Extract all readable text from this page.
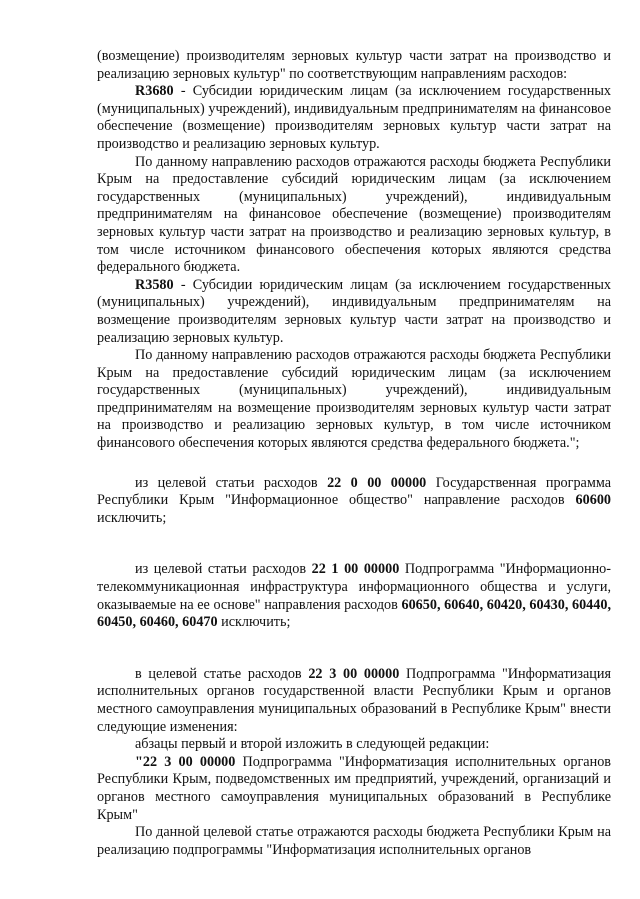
(возмещение) производителям зерновых культур части затрат на производство и реализацию зерновых культур" по соответствующим направлениям расходов:

R3680 - Субсидии юридическим лицам (за исключением государственных (муниципальных) учреждений), индивидуальным предпринимателям на финансовое обеспечение (возмещение) производителям зерновых культур части затрат на производство и реализацию зерновых культур.

По данному направлению расходов отражаются расходы бюджета Республики Крым на предоставление субсидий юридическим лицам (за исключением государственных (муниципальных) учреждений), индивидуальным предпринимателям на финансовое обеспечение (возмещение) производителям зерновых культур части затрат на производство и реализацию зерновых культур, в том числе источником финансового обеспечения которых являются средства федерального бюджета.

R3580 - Субсидии юридическим лицам (за исключением государственных (муниципальных) учреждений), индивидуальным предпринимателям на возмещение производителям зерновых культур части затрат на производство и реализацию зерновых культур.

По данному направлению расходов отражаются расходы бюджета Республики Крым на предоставление субсидий юридическим лицам (за исключением государственных (муниципальных) учреждений), индивидуальным предпринимателям на возмещение производителям зерновых культур части затрат на производство и реализацию зерновых культур, в том числе источником финансового обеспечения которых являются средства федерального бюджета.";

из целевой статьи расходов 22 0 00 00000 Государственная программа Республики Крым "Информационное общество" направление расходов 60600 исключить;

из целевой статьи расходов 22 1 00 00000 Подпрограмма "Информационно-телекоммуникационная инфраструктура информационного общества и услуги, оказываемые на ее основе" направления расходов 60650, 60640, 60420, 60430, 60440, 60450, 60460, 60470 исключить;

в целевой статье расходов 22 3 00 00000 Подпрограмма "Информатизация исполнительных органов государственной власти Республики Крым и органов местного самоуправления муниципальных образований в Республике Крым" внести следующие изменения:

абзацы первый и второй изложить в следующей редакции:

"22 3 00 00000 Подпрограмма "Информатизация исполнительных органов Республики Крым, подведомственных им предприятий, учреждений, организаций и органов местного самоуправления муниципальных образований в Республике Крым"

По данной целевой статье отражаются расходы бюджета Республики Крым на реализацию подпрограммы "Информатизация исполнительных органов
